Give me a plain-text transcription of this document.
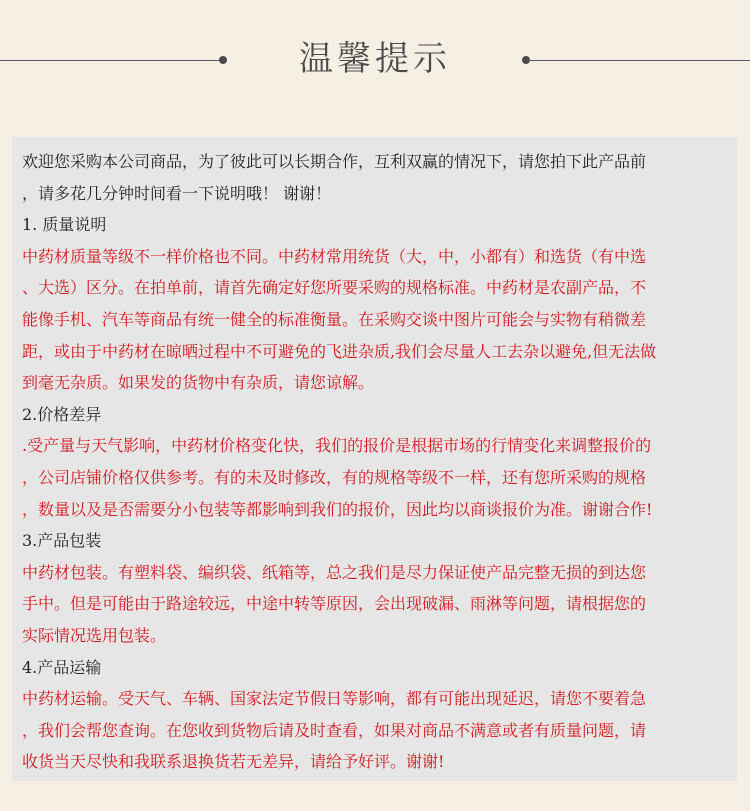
温馨提示
欢迎您采购本公司商品，为了彼此可以长期合作，互利双赢的情况下，请您拍下此产品前
，请多花几分钟时间看一下说明哦！ 谢谢！
1. 质量说明
中药材质量等级不一样价格也不同。中药材常用统货（大，中，小都有）和选货（有中选
、大选）区分。在拍单前，请首先确定好您所要采购的规格标准。中药材是农副产品，不
能像手机、汽车等商品有统一健全的标准衡量。在采购交谈中图片可能会与实物有稍微差
距，或由于中药材在晾晒过程中不可避免的飞进杂质,我们会尽量人工去杂以避免,但无法做
到毫无杂质。如果发的货物中有杂质，请您谅解。
2.价格差异
.受产量与天气影响，中药材价格变化快，我们的报价是根据市场的行情变化来调整报价的
，公司店铺价格仅供参考。有的未及时修改，有的规格等级不一样，还有您所采购的规格
，数量以及是否需要分小包装等都影响到我们的报价，因此均以商谈报价为准。谢谢合作!
3.产品包装
中药材包装。有塑料袋、编织袋、纸箱等，总之我们是尽力保证使产品完整无损的到达您
手中。但是可能由于路途较远，中途中转等原因，会出现破漏、雨淋等问题，请根据您的
实际情况选用包装。
4.产品运输
中药材运输。受天气、车辆、国家法定节假日等影响，都有可能出现延迟，请您不要着急
，我们会帮您查询。在您收到货物后请及时查看，如果对商品不满意或者有质量问题，请
收货当天尽快和我联系退换货若无差异，请给予好评。谢谢!
